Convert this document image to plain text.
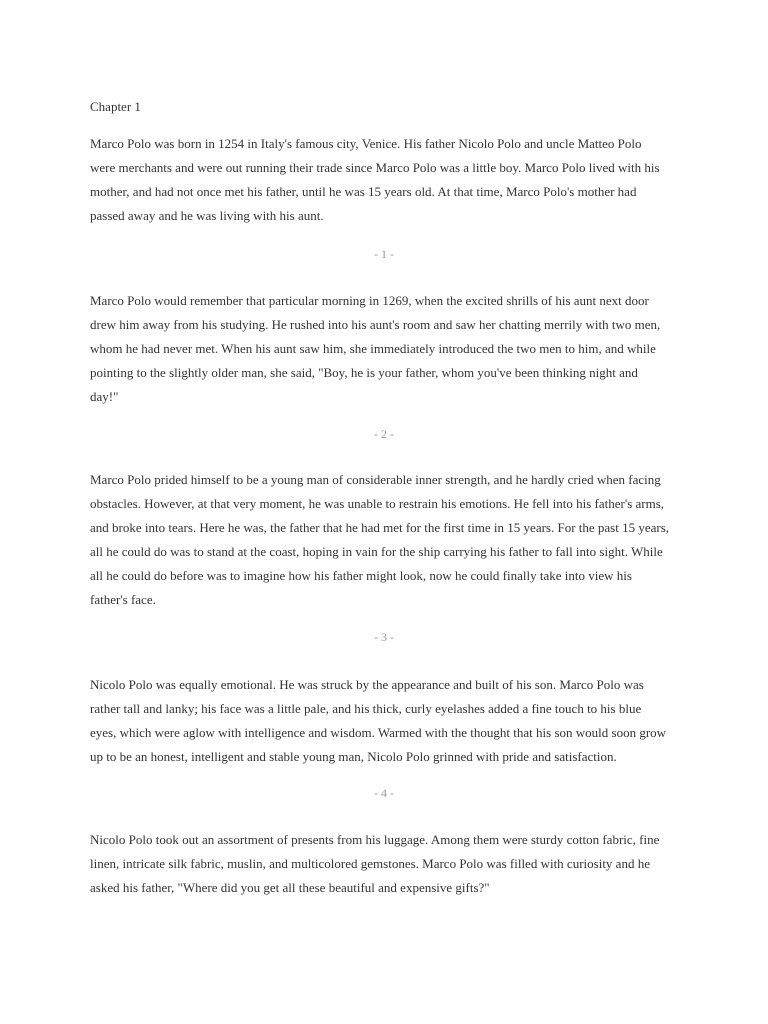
Chapter 1

Marco Polo was born in 1254 in Italy's famous city, Venice. His father Nicolo Polo and uncle Matteo Polo
were merchants and were out running their trade since Marco Polo was a little boy. Marco Polo lived with his
mother, and had not once met his father, until he was 15 years old. At that time, Marco Polo's mother had
passed away and he was living with his aunt.

- 1 -

Marco Polo would remember that particular morning in 1269, when the excited shrills of his aunt next door
drew him away from his studying. He rushed into his aunt's room and saw her chatting merrily with two men,
whom he had never met. When his aunt saw him, she immediately introduced the two men to him, and while
pointing to the slightly older man, she said, "Boy, he is your father, whom you've been thinking night and
day!"

- 2 -

Marco Polo prided himself to be a young man of considerable inner strength, and he hardly cried when facing
obstacles. However, at that very moment, he was unable to restrain his emotions. He fell into his father's arms,
and broke into tears. Here he was, the father that he had met for the first time in 15 years. For the past 15 years,
all he could do was to stand at the coast, hoping in vain for the ship carrying his father to fall into sight. While
all he could do before was to imagine how his father might look, now he could finally take into view his
father's face.

- 3 -

Nicolo Polo was equally emotional. He was struck by the appearance and built of his son. Marco Polo was
rather tall and lanky; his face was a little pale, and his thick, curly eyelashes added a fine touch to his blue
eyes, which were aglow with intelligence and wisdom. Warmed with the thought that his son would soon grow
up to be an honest, intelligent and stable young man, Nicolo Polo grinned with pride and satisfaction.

- 4 -

Nicolo Polo took out an assortment of presents from his luggage. Among them were sturdy cotton fabric, fine
linen, intricate silk fabric, muslin, and multicolored gemstones. Marco Polo was filled with curiosity and he
asked his father, "Where did you get all these beautiful and expensive gifts?"
